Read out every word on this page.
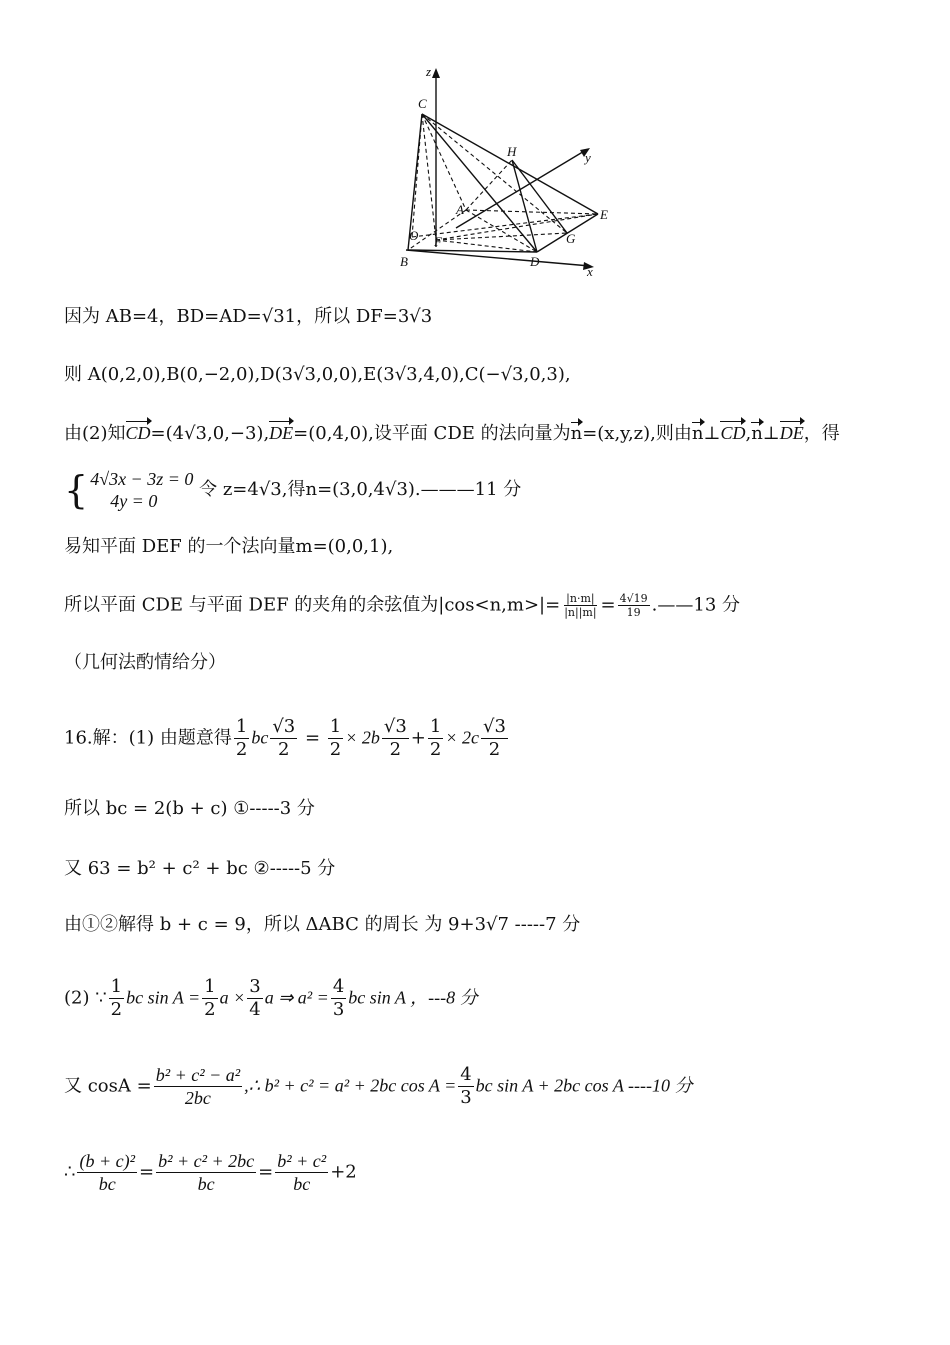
z
C
H	y
A	E
O F	G
B	D
x
因为 AB=4，BD=AD=√31，所以 DF=3√3
则 A(0,2,0),B(0,−2,0),D(3√3,0,0),E(3√3,4,0),C(−√3,0,3),
由(2)知CD=(4√3,0,−3),DE=(0,4,0),设平面 CDE 的法向量为n=(x,y,z),则由n⊥CD,n⊥DE，得
{ 4√3x − 3z = 0
4y = 0
令 z=4√3,得n=(3,0,4√3).———11 分
易知平面 DEF 的一个法向量m=(0,0,1),
所以平面 CDE 与平面 DEF 的夹角的余弦值为$|\cos<n,m>|= \frac{|n\cdot m|}{|n||m|} = \frac{4√19}{19}$ .——13 分
（几何法酌情给分）
16.解：(1) 由题意得 $\frac{1}{2}$ bc $\frac{√3}{2} = \frac{1}{2} \times 2b \frac{√3}{2} + \frac{1}{2} \times 2c \frac{√3}{2}$
所以 bc = 2(b + c) ①-----3 分
又 63 = b² + c² + bc ②-----5 分
由①②解得 b + c = 9，所以 ΔABC 的周长 为 9+3√7 -----7 分
(2) ∵ $\frac{1}{2}$ bc $\sin A = \frac{1}{2}$ $a \times \frac{3}{4}$ a ⇒ $a^2 = \frac{4}{3}$ bc sin A ，---8 分
又 $\cos A = \frac{\text{b² + c² − a²}}{2bc}$ ,∴ b² + c² = a² + 2bc $\cos A = \frac{4}{3}$ bc sin A + 2bc cos A ----10 分
∴ $\frac{\text{(b + c)²}}{bc} = \frac{\text{b² + c² + 2bc}}{bc} = \frac{\text{b² + c²}}{bc} +2$
